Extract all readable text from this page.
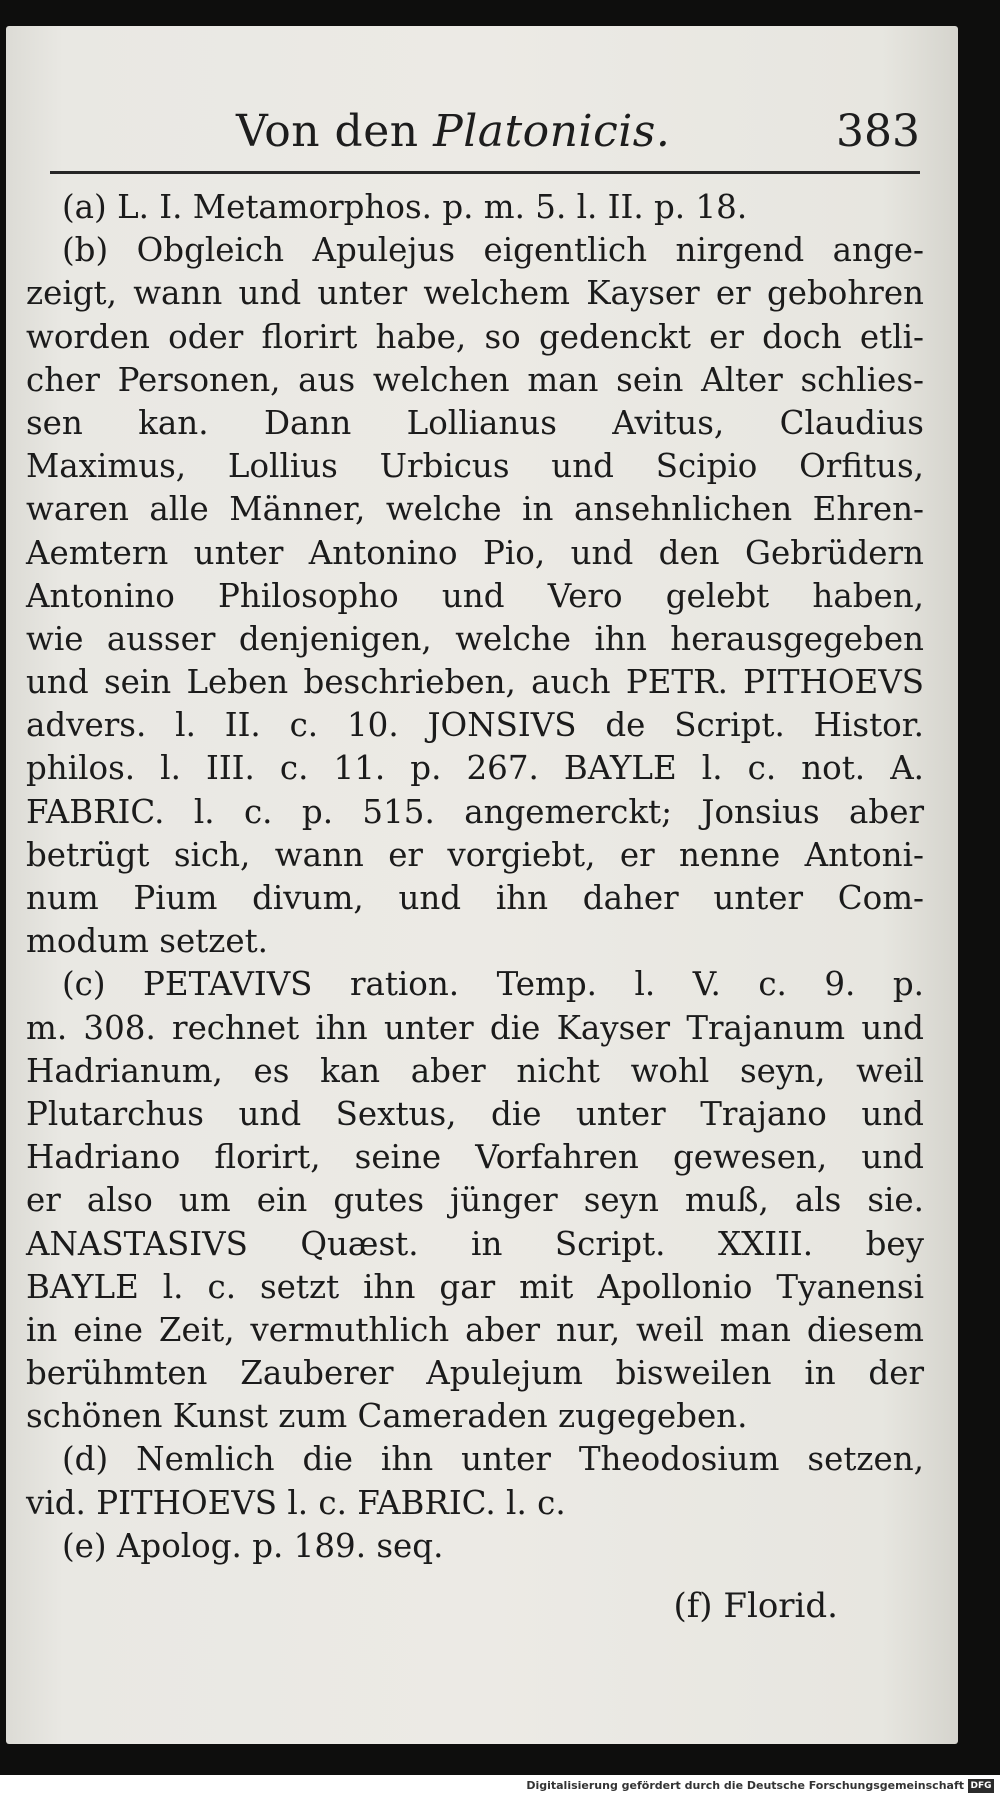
Von den Platonicis.	383
(a) L. I. Metamorphos. p. m. 5. l. II. p. 18.
(b) Obgleich Apulejus eigentlich nirgend ange-
zeigt, wann und unter welchem Kayser er gebohren
worden oder florirt habe, so gedenckt er doch etli-
cher Personen, aus welchen man sein Alter schlies-
sen kan. Dann Lollianus Avitus, Claudius
Maximus, Lollius Urbicus und Scipio Orfitus,
waren alle Männer, welche in ansehnlichen Ehren-
Aemtern unter Antonino Pio, und den Gebrüdern
Antonino Philosopho und Vero gelebt haben,
wie ausser denjenigen, welche ihn herausgegeben
und sein Leben beschrieben, auch PETR. PITHOEVS
advers. l. II. c. 10. JONSIVS de Script. Histor.
philos. l. III. c. 11. p. 267. BAYLE l. c. not. A.
FABRIC. l. c. p. 515. angemerckt; Jonsius aber
betrügt sich, wann er vorgiebt, er nenne Antoni-
num Pium divum, und ihn daher unter Com-
modum setzet.
(c) PETAVIVS ration. Temp. l. V. c. 9. p.
m. 308. rechnet ihn unter die Kayser Trajanum und
Hadrianum, es kan aber nicht wohl seyn, weil
Plutarchus und Sextus, die unter Trajano und
Hadriano florirt, seine Vorfahren gewesen, und
er also um ein gutes jünger seyn muß, als sie.
ANASTASIVS Quæst. in Script. XXIII. bey
BAYLE l. c. setzt ihn gar mit Apollonio Tyanensi
in eine Zeit, vermuthlich aber nur, weil man diesem
berühmten Zauberer Apulejum bisweilen in der
schönen Kunst zum Cameraden zugegeben.
(d) Nemlich die ihn unter Theodosium setzen,
vid. PITHOEVS l. c. FABRIC. l. c.
(e) Apolog. p. 189. seq.
(f) Florid.
Digitalisierung gefördert durch die Deutsche Forschungsgemeinschaft DFG
